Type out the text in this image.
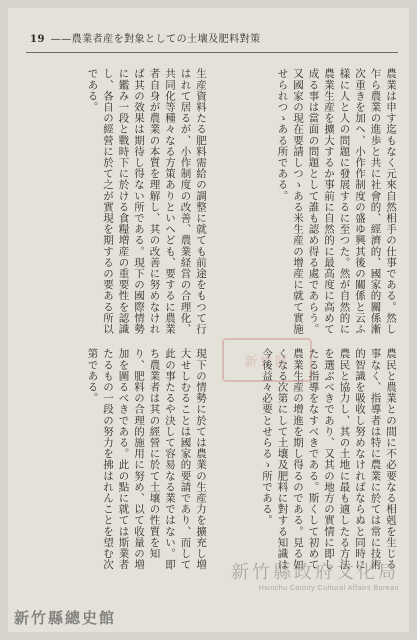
19 ——農業者産を對象としての土壤及肥料對策
農業は申す迄もなく元來自然相手の仕事である。然し乍ら農業の進歩と共に社會的、經濟的、國家的關係漸次重きを加へ、小作作制度の盛ゆ興其後の關係と云ふ樣に人と人の問題に發展するに至つた。然が自然的に農業生産を擴大するか事前に自然的に最高度に高めて成る事は當面の問題として誰も認め得る處であらう。又國家の現在要請しつゝある米生産の增産に就て實施せられつゝある所である。
生産資料たる肥料需給の調整に就ても前途をもつて行はれて居るが、小作制度の改善、農業経営の合理化、共同化等種々なる方策ありといへども、要するに農業者自身が農業の本質を理解し、其の改善に努めなければ其の效果は期待し得ない所である。現下の國際情勢に鑑み一段と戰時下に於ける食糧増産の重要性を認識し、各自の經營に於て之が實現を期するの要ある所以である。
農民と農業との間に不必要なる相剋を生じる事なく、指導者は特に農業に於ては常に技術的智識を吸收し努めなければならぬと同時に農民と協力し、其の土地に最も適したる方法を選ぶべきであり、又其の地方の實情に即したる指導をなすべきである。斯くして初めて農業生産の增進を期し得るのである。見る如くなる次第にして土壤及肥料に對する知識は今後益々必要とせらるゝ所である。
現下の情勢に於ては農業の生産力を擴充し増大せしむることは國家的要請であり、而して此の事たるや決して容易なる業ではない。即ち農業者は其の經營に於て土壤の性質を知り、肥料の合理的施用に努め、以て收量の増加を圖るべきである。此の點に就ては斯業者たるもの一段の努力を拂はれんことを望む次第である。	新竹縣
新竹縣政府文化局
Hsinchu County Cultural Affairs Bureau
新竹縣總史館
